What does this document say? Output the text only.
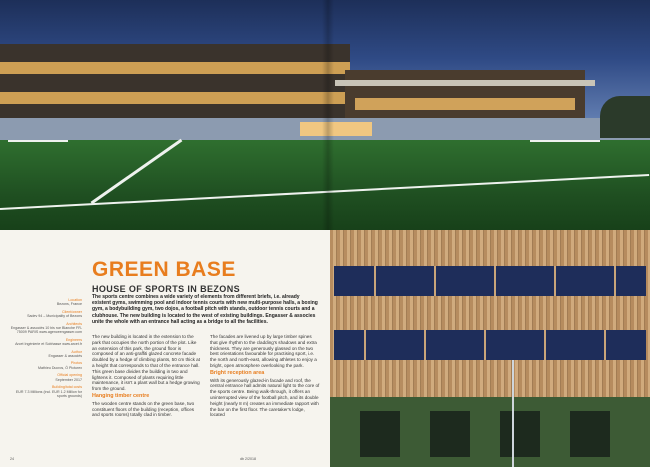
GREEN BASE
HOUSE OF SPORTS IN BEZONS

The sports centre combines a wide variety of elements from different briefs, i.e. already existent gyms, swimming pool and indoor tennis courts with new multi-purpose halls, a boxing gym, a bodybuilding gym, two dojos, a football pitch with stands, outdoor tennis courts and a clubhouse. The new building is located to the west of existing buildings. Engasser & associes unite the whole with an entrance hall acting as a bridge to all the facilities.

Location
Bezons, France
Client/owner
Sadev 94 – Municipality of Bezons
Architects
Engasser & associés 10 bis rue Blanche FR-75009 PARIS www.agenceengasser.com
Engineers
Arcet Ingénierie et Sobhasse www.arcet.fr
Author
Engasser & associés
Photos
Mathieu Ducros, Ó Picturex
Official opening
September 2017
Building/total costs
EUR 7.3 Millions (incl. EUR 1.2 Million for sports grounds)

The new building is located in the extension to the park that occupies the north portion of the plot. Like an extension of this park, the ground floor is composed of an anti-graffiti glazed concrete facade doubled by a hedge of climbing plants, 50 cm thick at a height that corresponds to that of the entrance hall. This green base divides the building in two and lightens it. Composed of plants requiring little maintenance, it isn't a plant wall but a hedge growing from the ground.

Hanging timber centre

The wooden centre stands on the green base, two constituent floors of the building (reception, offices and sports rooms) totally clad in timber.

The facades are livened up by large timber spines that give rhythm to the cladding's shadows and extra thickness. They are generously glassed on the two best orientations favourable for practising sport, i.e. the north and north-east, allowing athletes to enjoy a bright, open atmosphere overlooking the park.

Bright reception area

With its generously glazed-in facade and roof, the central entrance hall admits natural light to the core of the sports centre. Being walk-through, it offers an uninterrupted view of the football pitch, and its double height (nearly 8 m) creates an immediate rapport with the bar on the first floor. The caretaker's lodge, located

24	db 2/2018
